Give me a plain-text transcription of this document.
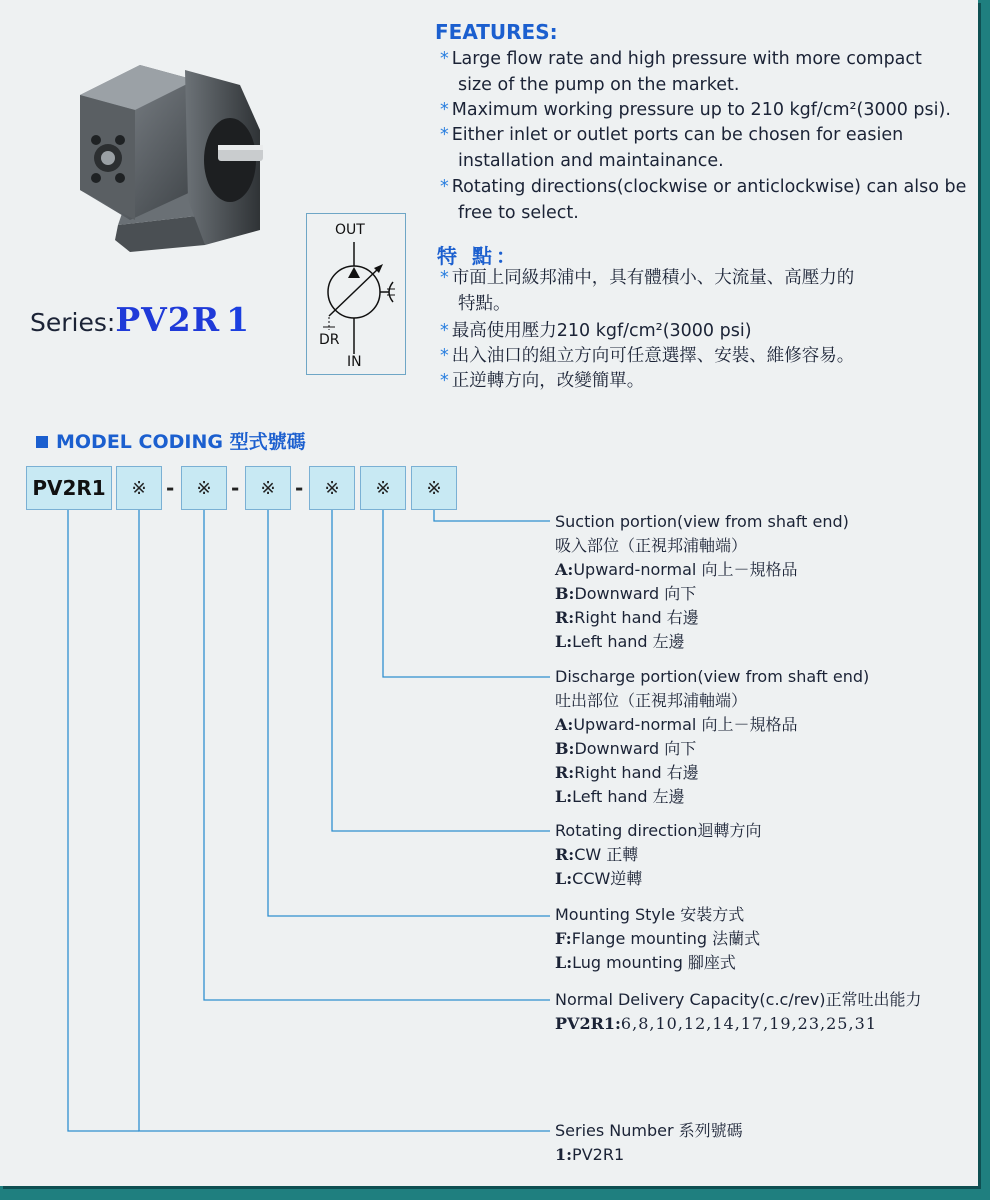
Series:PV2R 1
OUT
DR
IN
FEATURES:
* Large flow rate and high pressure with more compact
size of the pump on the market.
* Maximum working pressure up to 210 kgf/cm²(3000 psi).
* Either inlet or outlet ports can be chosen for easien
installation and maintainance.
* Rotating directions(clockwise or anticlockwise) can also be
free to select.
特 點：
* 市面上同級邦浦中，具有體積小、大流量、高壓力的
特點。
* 最高使用壓力210 kgf/cm²(3000 psi)
* 出入油口的組立方向可任意選擇、安裝、維修容易。
* 正逆轉方向，改變簡單。
MODEL CODING 型式號碼
PV2R1	※ -	※ -	※ -	※	※	※
Suction portion(view from shaft end)
吸入部位（正視邦浦軸端）
A:Upward-normal 向上－規格品
B:Downward 向下
R:Right hand 右邊
L:Left hand 左邊
Discharge portion(view from shaft end)
吐出部位（正視邦浦軸端）
A:Upward-normal 向上－規格品
B:Downward 向下
R:Right hand 右邊
L:Left hand 左邊
Rotating direction迴轉方向
R:CW 正轉
L:CCW逆轉
Mounting Style 安裝方式
F:Flange mounting 法蘭式
L:Lug mounting 腳座式
Normal Delivery Capacity(c.c/rev)正常吐出能力
PV2R1:6,8,10,12,14,17,19,23,25,31
Series Number 系列號碼
1:PV2R1
